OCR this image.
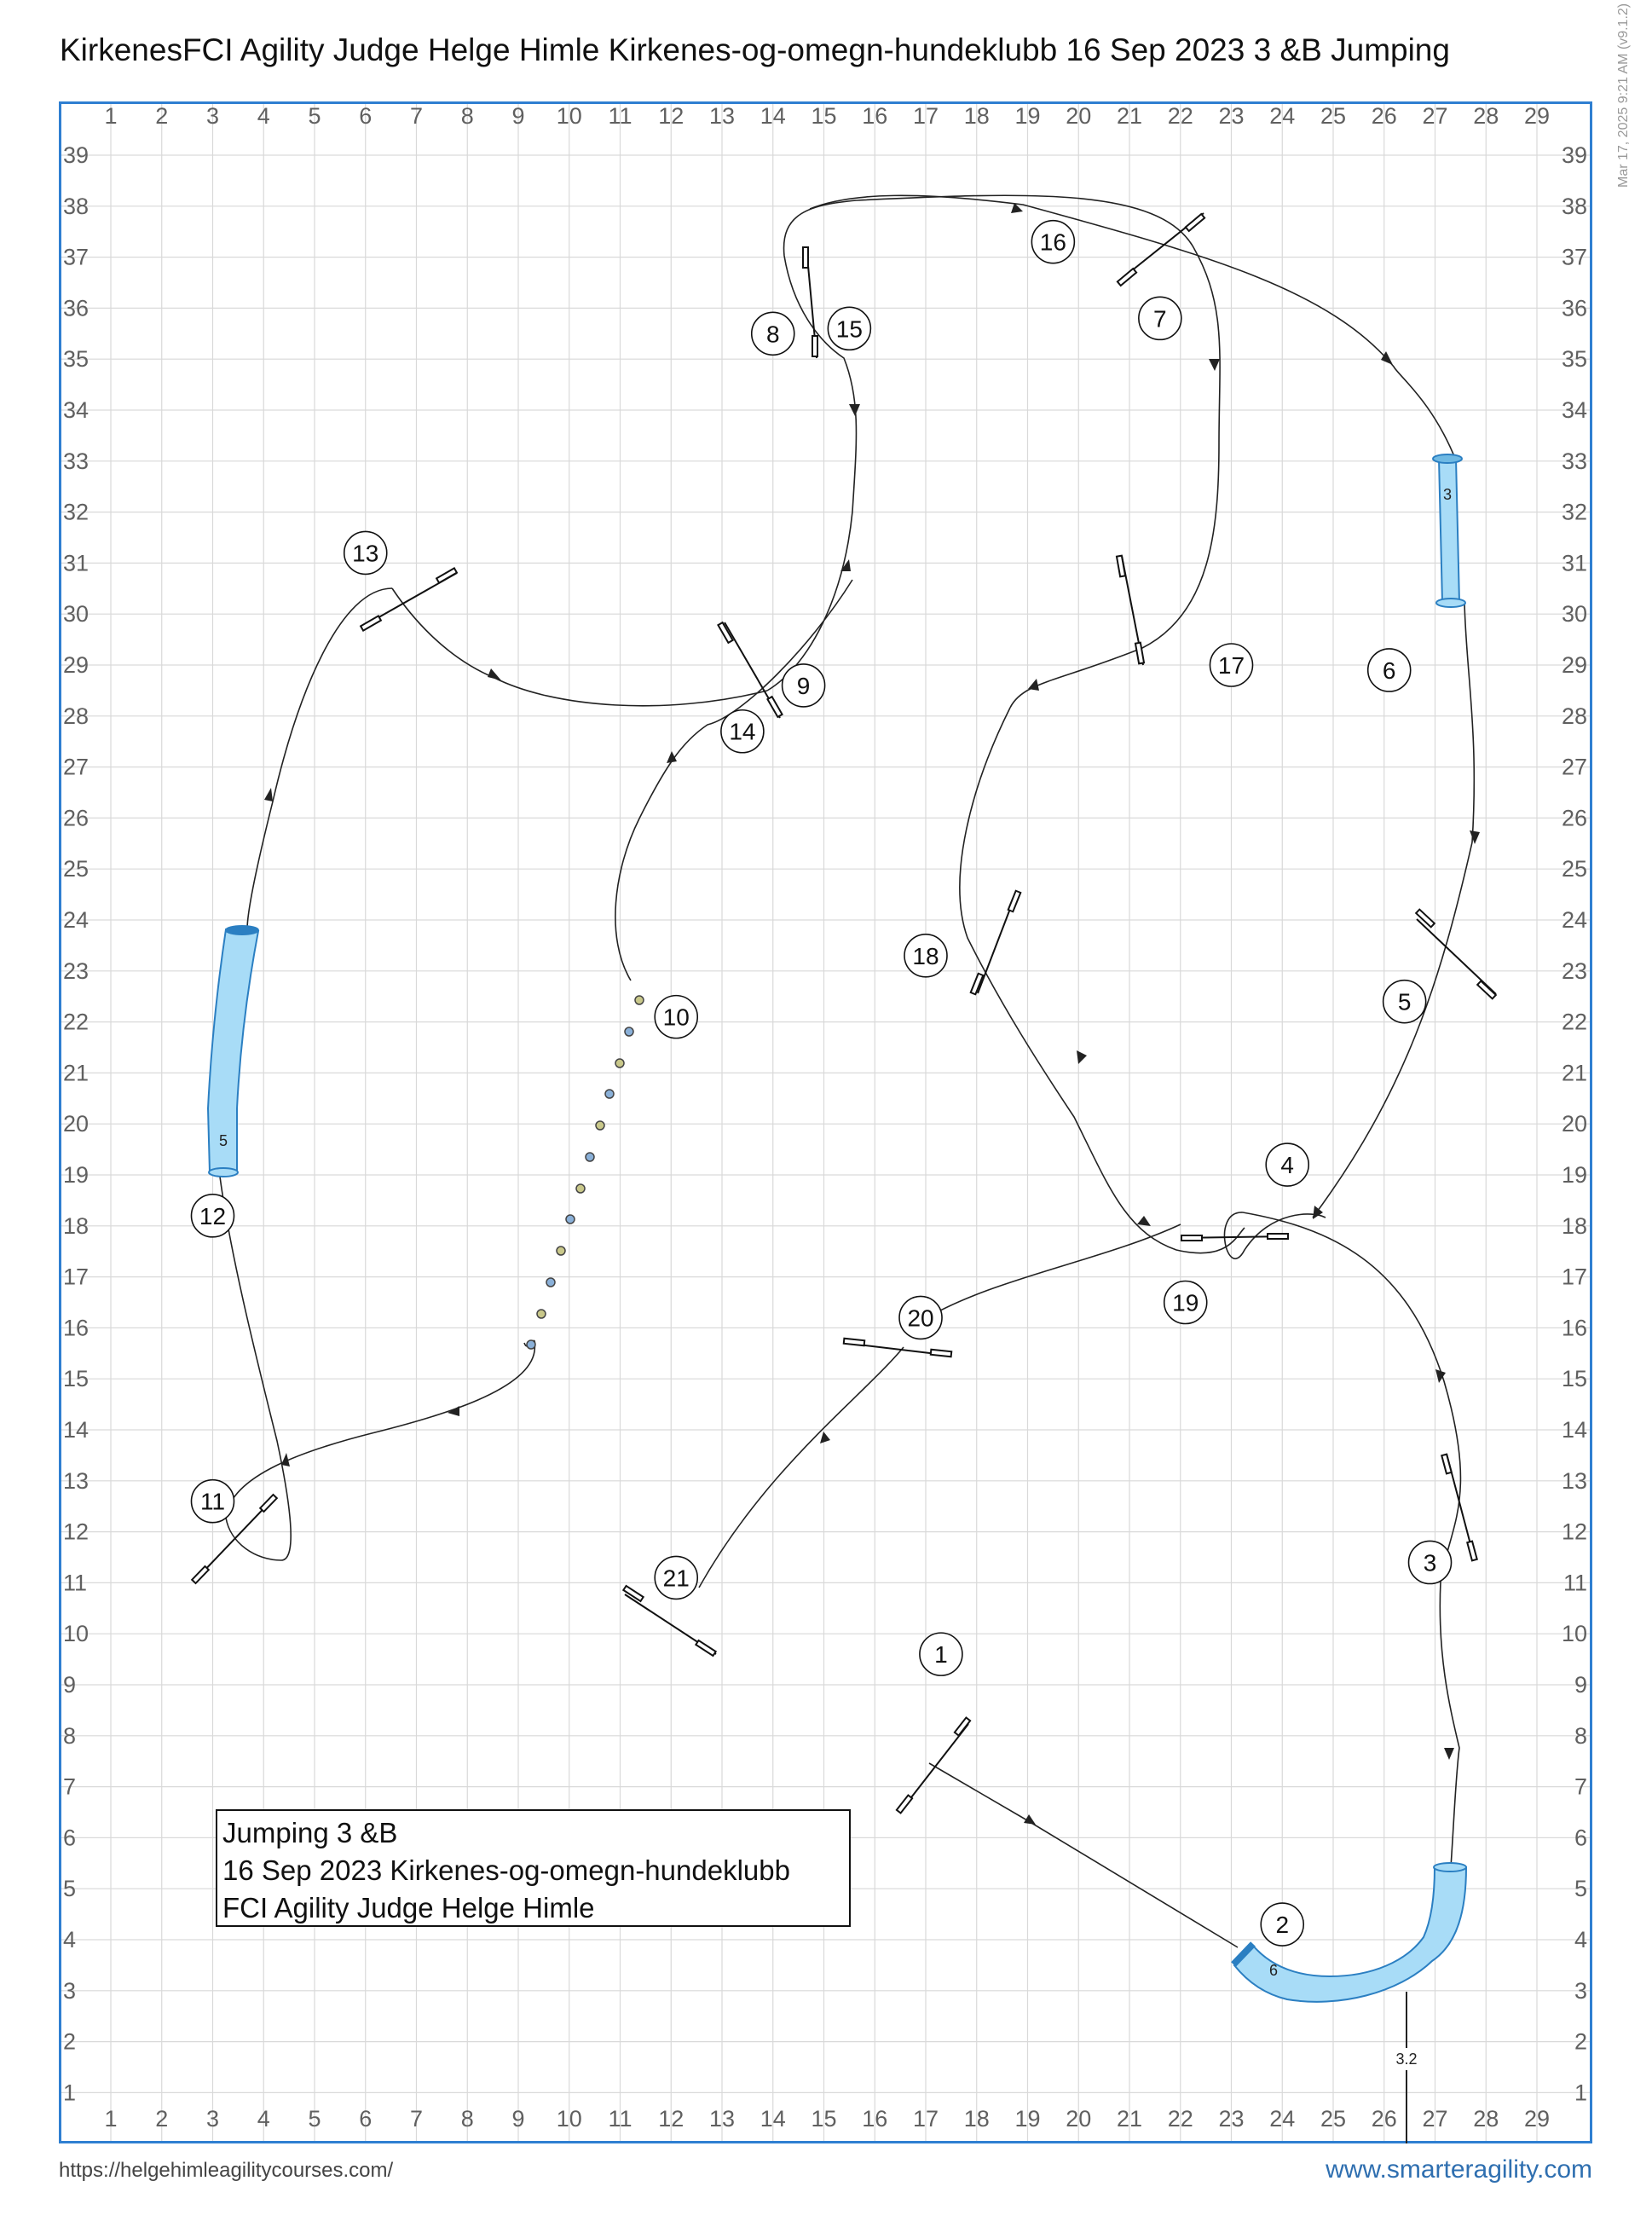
KirkenesFCI Agility Judge Helge Himle Kirkenes-og-omegn-hundeklubb 16 Sep 2023 3 &B Jumping
1
1
2
2
3
3
4
4
5
5
6
6
7
7
8
8
9
9
10
10
11
11
12
12
13
13
14
14
15
15
16
16
17
17
18
18
19
19
20
20
21
21
22
22
23
23
24
24
25
25
26
26
27
27
28
28
29
29
39	39
38	38
37	37
36	36
35	35
34	34
33	33
32	32
31	31
30	30
29	29
28	28
27	27
26	26
25	25
24	24
23	23
22	22
21	21
20	20
19	19
18	18
17	17
16	16
15	15
14	14
13	13
12	12
11	11
10	10
9	9
8	8
7	7
6	6
5	5
4	4
3	3
2	2
1	1
3
5
6
3.2
1
2
3
4
5
6
7
8
9
10
11
12
13
14
15
16
17
18
19
20
21
Jumping 3 &B
16 Sep 2023 Kirkenes-og-omegn-hundeklubb
FCI Agility Judge Helge Himle
https://helgehimleagilitycourses.com/	www.smarteragility.com
Mar 17, 2025 9:21 AM (v9.1.2)
